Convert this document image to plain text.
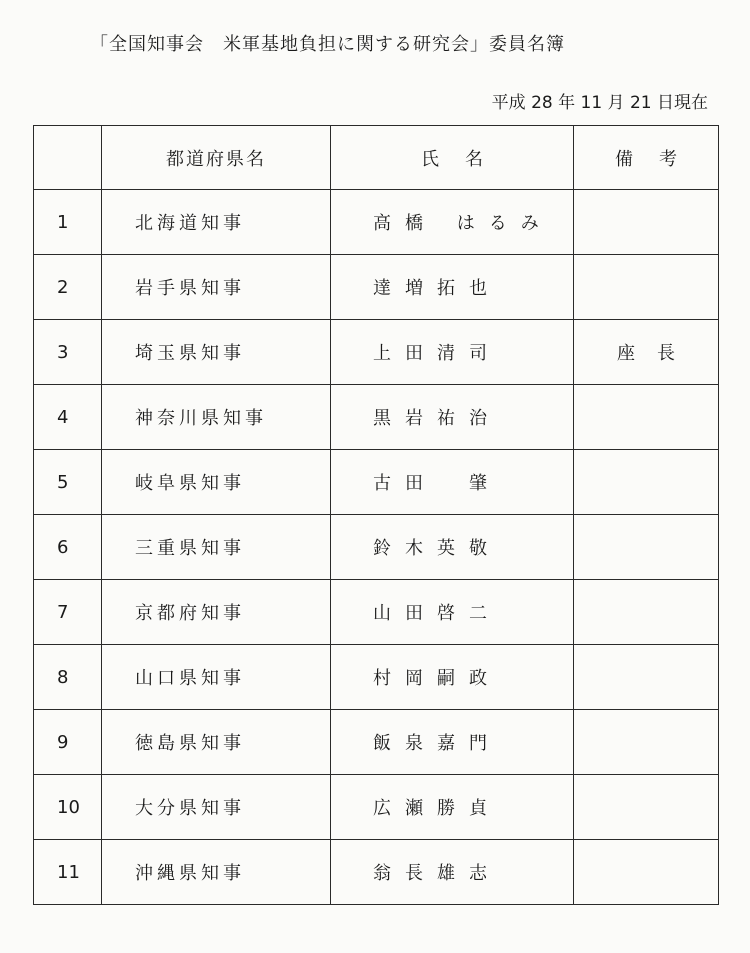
「全国知事会　米軍基地負担に関する研究会」委員名簿
平成 28 年 11 月 21 日現在
	都道府県名	氏名	備考
1	北海道知事	高橋 はるみ	
2	岩手県知事	達増拓也	
3	埼玉県知事	上田清司	座長
4	神奈川県知事	黒岩祐治	
5	岐阜県知事	古田　肇	
6	三重県知事	鈴木英敬	
7	京都府知事	山田啓二	
8	山口県知事	村岡嗣政	
9	徳島県知事	飯泉嘉門	
10	大分県知事	広瀬勝貞	
11	沖縄県知事	翁長雄志	
